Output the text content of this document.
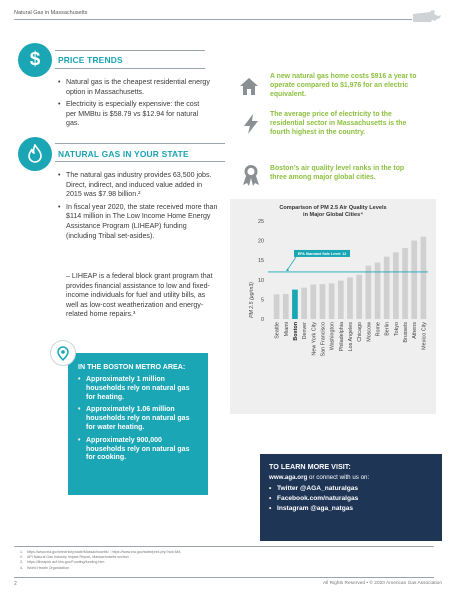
Natural Gas in Massachusetts
$ PRICE TRENDS
• Natural gas is the cheapest residential energy option in Massachusetts.
• Electricity is especially expensive: the cost per MMBtu is $58.79 vs $12.94 for natural gas.
NATURAL GAS IN YOUR STATE
• The natural gas industry provides 63,500 jobs. Direct, indirect, and induced value added in 2015 was $7.98 billion.²
• In fiscal year 2020, the state received more than $114 million in The Low Income Home Energy Assistance Program (LIHEAP) funding (including Tribal set-asides).
– LIHEAP is a federal block grant program that provides financial assistance to low and fixed-income individuals for fuel and utility bills, as well as low-cost weatherization and energy-related home repairs.³
A new natural gas home costs $916 a year to operate compared to $1,976 for an electric equivalent.
The average price of electricity to the residential sector in Massachusetts is the fourth highest in the country.
Boston’s air quality level ranks in the top three among major global cities.
Comparison of PM 2.5 Air Quality Levels
in Major Global Cities⁴
PM 2.5 (µg/m3)
0
5
10
15
20
25
Seattle Miami Boston Denver New York City San Francisco Washington Philadelphia Los Angeles Chicago Moscow Rome Berlin Tokyo Brussels Athens Mexico City
EPA Standard Safe Level: 12
IN THE BOSTON METRO AREA:
• Approximately 1 million households rely on natural gas for heating.
• Approximately 1.06 million households rely on natural gas for water heating.
• Approximately 900,000 households rely on natural gas for cooking.
TO LEARN MORE VISIT:
www.aga.org or connect with us on:
• Twitter @AGA_naturalgas
• Facebook.com/naturalgas
• Instagram @aga_natgas
1. https://www.eia.gov/electricity/state/Massachusetts/ ; https://www.eia.gov/state/print.php?sid=MA
2. API Natural Gas Industry Impact Report, Massachusetts section
3. https://liheapch.acf.hhs.gov/Funding/funding.htm
4. World Health Organization
2	All Rights Reserved • © 2020 American Gas Association
